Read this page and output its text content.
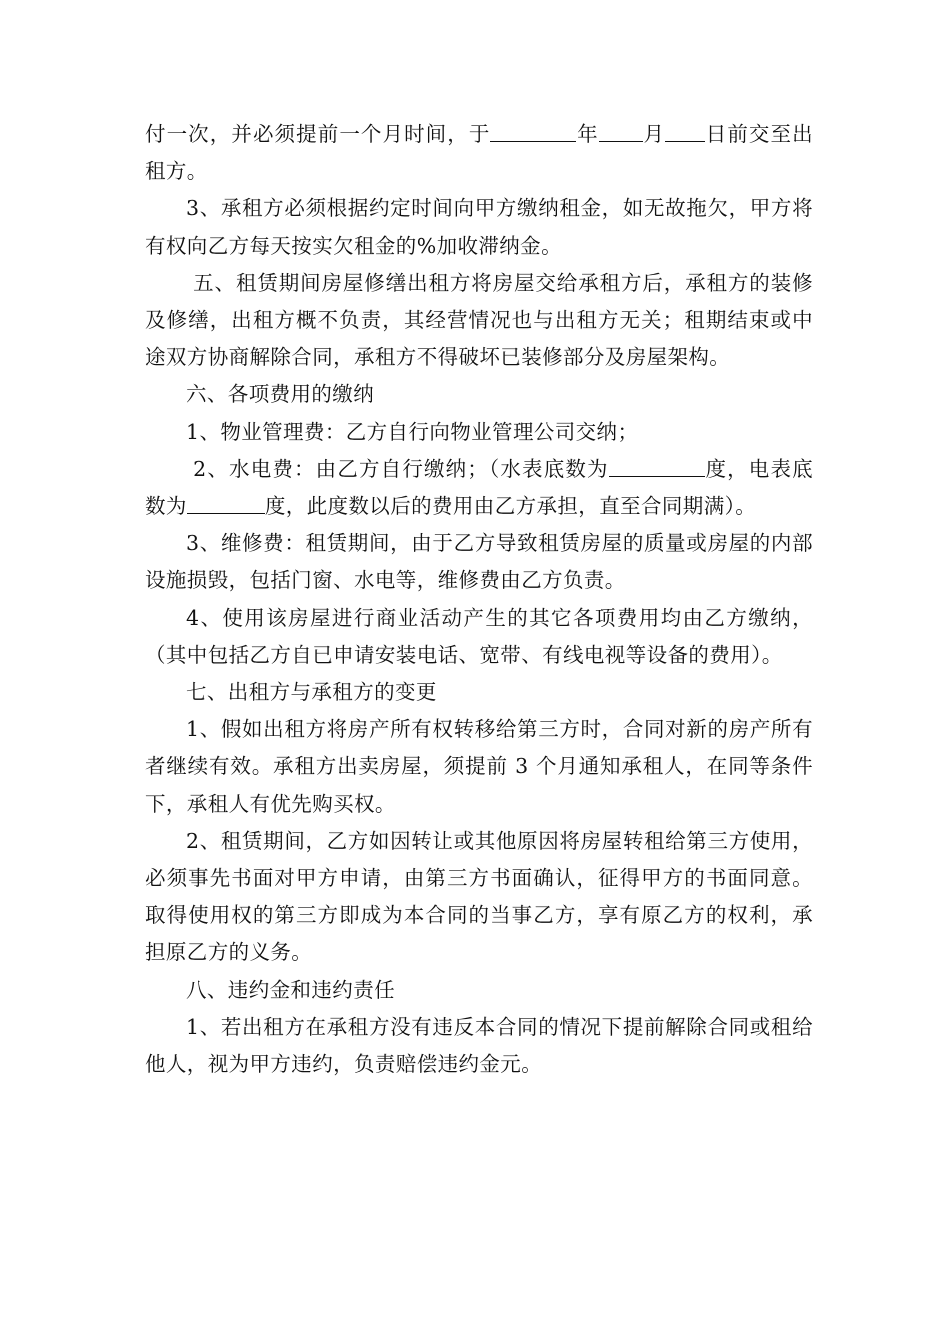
付一次，并必须提前一个月时间，于	年 月 日前交至出租方。

3、承租方必须根据约定时间向甲方缴纳租金，如无故拖欠，甲方将有权向乙方每天按实欠租金的%加收滞纳金。

五、租赁期间房屋修缮出租方将房屋交给承租方后，承租方的装修及修缮，出租方概不负责，其经营情况也与出租方无关；租期结束或中途双方协商解除合同，承租方不得破坏已装修部分及房屋架构。

六、各项费用的缴纳

1、物业管理费：乙方自行向物业管理公司交纳；

2、水电费：由乙方自行缴纳；（水表底数为	度，电表底数为	度，此度数以后的费用由乙方承担，直至合同期满）。

3、维修费：租赁期间，由于乙方导致租赁房屋的质量或房屋的内部设施损毁，包括门窗、水电等，维修费由乙方负责。

4、使用该房屋进行商业活动产生的其它各项费用均由乙方缴纳，（其中包括乙方自已申请安装电话、宽带、有线电视等设备的费用）。

七、出租方与承租方的变更

1、假如出租方将房产所有权转移给第三方时，合同对新的房产所有者继续有效。承租方出卖房屋，须提前 3 个月通知承租人，在同等条件下，承租人有优先购买权。

2、租赁期间，乙方如因转让或其他原因将房屋转租给第三方使用，必须事先书面对甲方申请，由第三方书面确认，征得甲方的书面同意。取得使用权的第三方即成为本合同的当事乙方，享有原乙方的权利，承担原乙方的义务。

八、违约金和违约责任

1、若出租方在承租方没有违反本合同的情况下提前解除合同或租给他人，视为甲方违约，负责赔偿违约金元。
